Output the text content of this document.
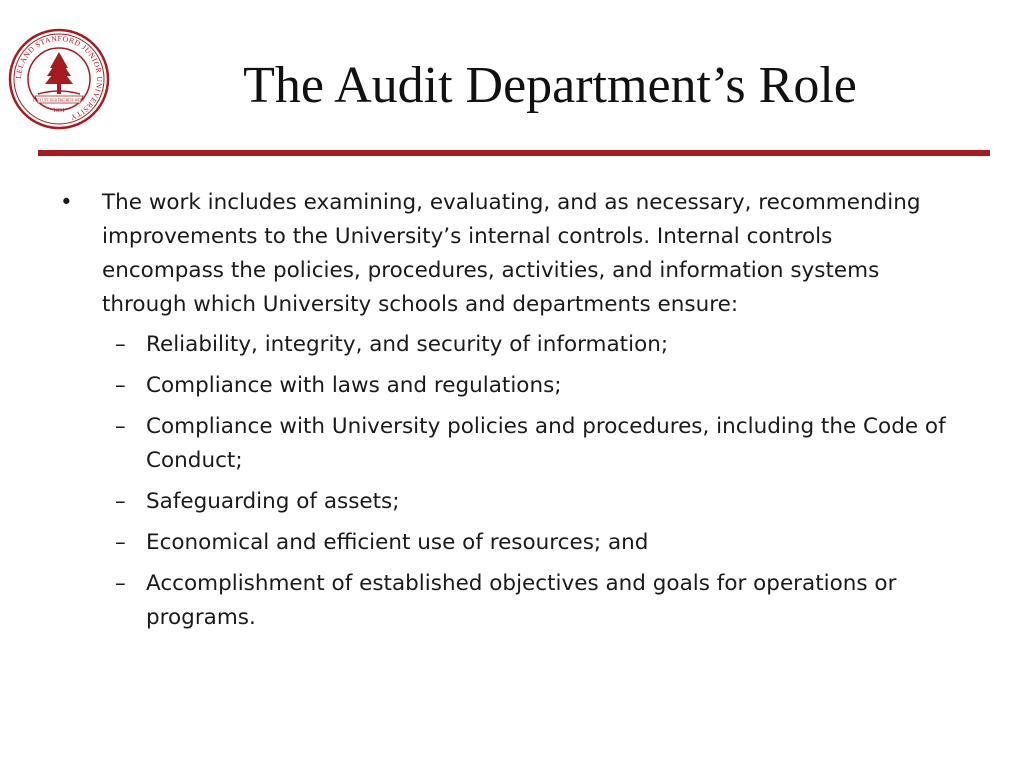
LELAND STANFORD JUNIOR UNIVERSITY
DIE LUFT DER FREIHEIT WEHT
1891	The Audit Department’s Role
•	The work includes examining, evaluating, and as necessary, recommending improvements to the University’s internal controls. Internal controls encompass the policies, procedures, activities, and information systems through which University schools and departments ensure:
– Reliability, integrity, and security of information;
– Compliance with laws and regulations;
– Compliance with University policies and procedures, including the Code of Conduct;
– Safeguarding of assets;
– Economical and efficient use of resources; and
– Accomplishment of established objectives and goals for operations or programs.
